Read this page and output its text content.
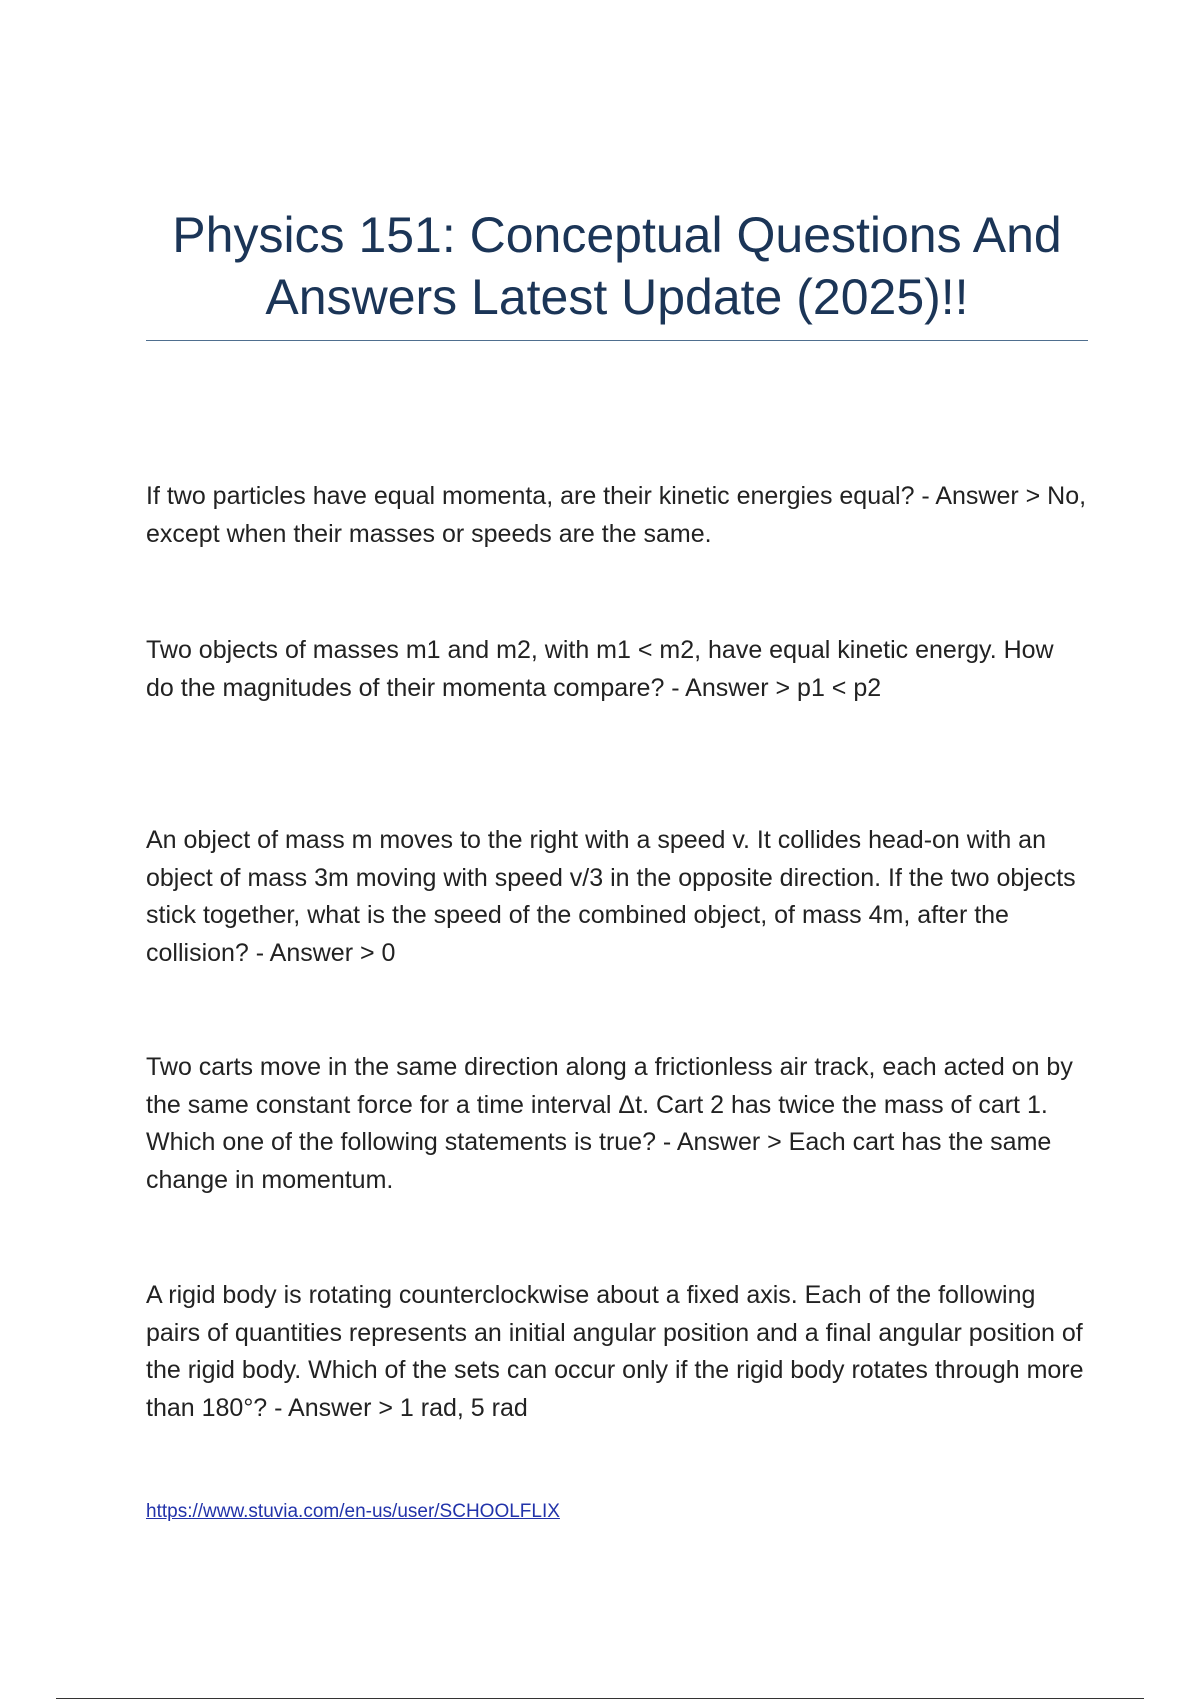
Physics 151: Conceptual Questions And Answers Latest Update (2025)!!

If two particles have equal momenta, are their kinetic energies equal? - Answer > No, except when their masses or speeds are the same.

Two objects of masses m1 and m2, with m1 < m2, have equal kinetic energy. How do the magnitudes of their momenta compare? - Answer > p1 < p2

An object of mass m moves to the right with a speed v. It collides head-on with an object of mass 3m moving with speed v/3 in the opposite direction. If the two objects stick together, what is the speed of the combined object, of mass 4m, after the collision? - Answer > 0

Two carts move in the same direction along a frictionless air track, each acted on by the same constant force for a time interval Δt. Cart 2 has twice the mass of cart 1. Which one of the following statements is true? - Answer > Each cart has the same change in momentum.

A rigid body is rotating counterclockwise about a fixed axis. Each of the following pairs of quantities represents an initial angular position and a final angular position of the rigid body. Which of the sets can occur only if the rigid body rotates through more than 180°? - Answer > 1 rad, 5 rad

https://www.stuvia.com/en-us/user/SCHOOLFLIX
